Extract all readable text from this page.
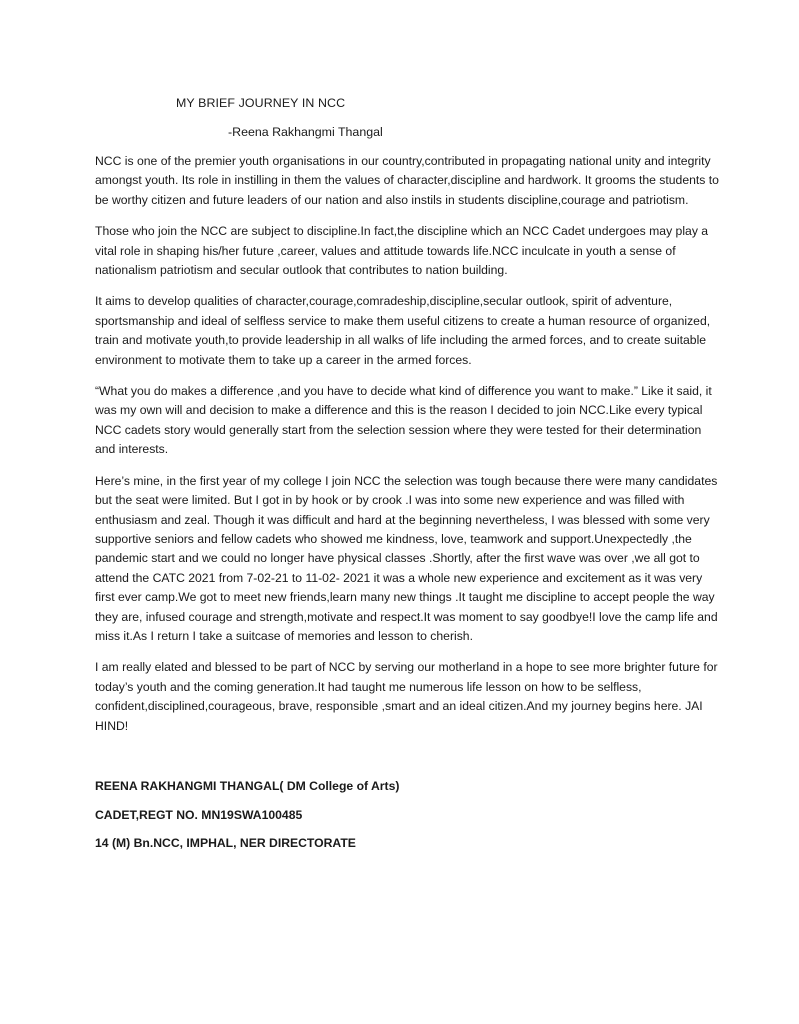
MY BRIEF JOURNEY IN NCC
-Reena Rakhangmi Thangal

NCC is one of the premier youth organisations in our country,contributed in propagating national unity and integrity amongst youth. Its role in instilling in them the values of character,discipline and hardwork. It grooms the students to be worthy citizen and future leaders of our nation and also instils in students discipline,courage and patriotism.

Those who join the NCC are subject to discipline.In fact,the discipline which an NCC Cadet undergoes may play a vital role in shaping his/her future ,career, values and attitude towards life.NCC inculcate in youth a sense of nationalism patriotism and secular outlook that contributes to nation building.

It aims to develop qualities of character,courage,comradeship,discipline,secular outlook, spirit of adventure, sportsmanship and ideal of selfless service to make them useful citizens to create a human resource of organized, train and motivate youth,to provide leadership in all walks of life including the armed forces, and to create suitable environment to motivate them to take up a career in the armed forces.

“What you do makes a difference ,and you have to decide what kind of difference you want to make.” Like it said, it was my own will and decision to make a difference and this is the reason I decided to join NCC.Like every typical NCC cadets story would generally start from the selection session where they were tested for their determination and interests.

Here’s mine, in the first year of my college I join NCC the selection was tough because there were many candidates but the seat were limited. But I got in by hook or by crook .I was into some new experience and was filled with enthusiasm and zeal. Though it was difficult and hard at the beginning nevertheless, I was blessed with some very supportive seniors and fellow cadets who showed me kindness, love, teamwork and support.Unexpectedly ,the pandemic start and we could no longer have physical classes .Shortly, after the first wave was over ,we all got to attend the CATC 2021 from 7-02-21 to 11-02- 2021 it was a whole new experience and excitement as it was very first ever camp.We got to meet new friends,learn many new things .It taught me discipline to accept people the way they are, infused courage and strength,motivate and respect.It was moment to say goodbye!I love the camp life and miss it.As I return I take a suitcase of memories and lesson to cherish.

I am really elated and blessed to be part of NCC by serving our motherland in a hope to see more brighter future for today’s youth and the coming generation.It had taught me numerous life lesson on how to be selfless, confident,disciplined,courageous, brave, responsible ,smart and an ideal citizen.And my journey begins here. JAI HIND!

REENA RAKHANGMI THANGAL( DM College of Arts)
CADET,REGT NO. MN19SWA100485
14 (M) Bn.NCC, IMPHAL, NER DIRECTORATE
